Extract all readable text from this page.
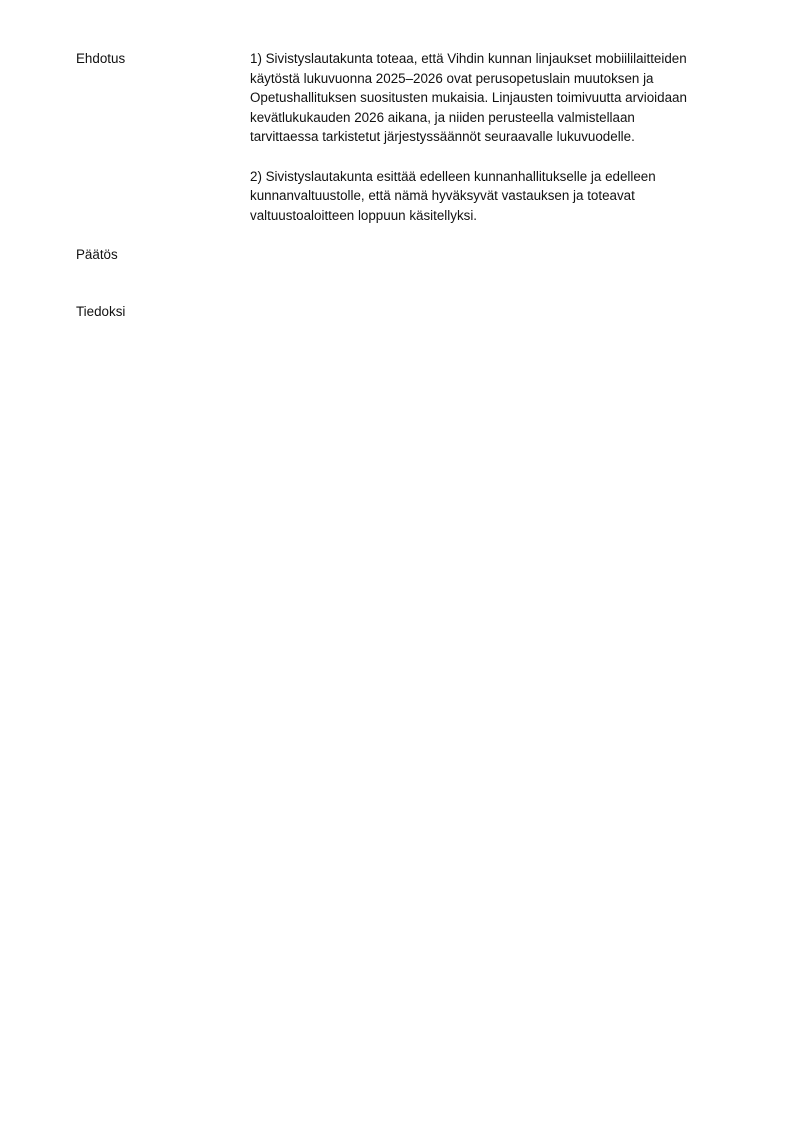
Ehdotus	1) Sivistyslautakunta toteaa, että Vihdin kunnan linjaukset mobiililaitteiden
käytöstä lukuvuonna 2025–2026 ovat perusopetuslain muutoksen ja
Opetushallituksen suositusten mukaisia. Linjausten toimivuutta arvioidaan
kevätlukukauden 2026 aikana, ja niiden perusteella valmistellaan
tarvittaessa tarkistetut järjestyssäännöt seuraavalle lukuvuodelle.

2) Sivistyslautakunta esittää edelleen kunnanhallitukselle ja edelleen
kunnanvaltuustolle, että nämä hyväksyvät vastauksen ja toteavat
valtuustoaloitteen loppuun käsitellyksi.

Päätös
Tiedoksi
